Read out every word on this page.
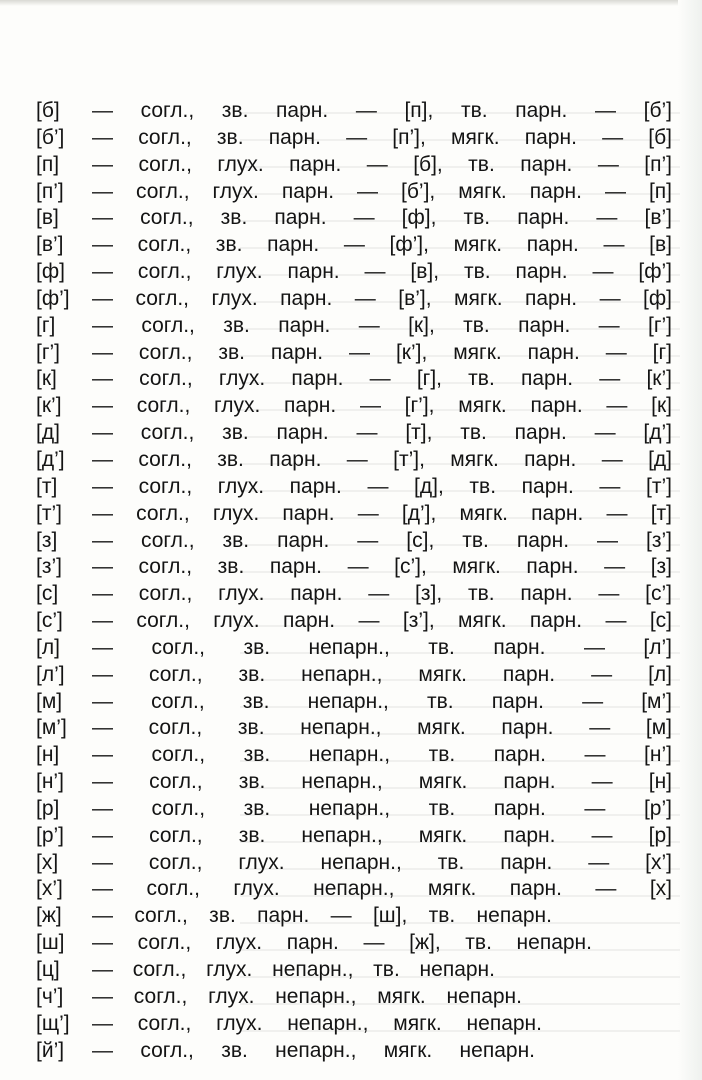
[б] — согл., зв. парн. — [п], тв. парн. — [б’]
[б’] — согл., зв. парн. — [п’], мягк. парн. — [б]
[п] — согл., глух. парн. — [б], тв. парн. — [п’]
[п’] — согл., глух. парн. — [б’], мягк. парн. — [п]
[в] — согл., зв. парн. — [ф], тв. парн. — [в’]
[в’] — согл., зв. парн. — [ф’], мягк. парн. — [в]
[ф] — согл., глух. парн. — [в], тв. парн. — [ф’]
[ф’] — согл., глух. парн. — [в’], мягк. парн. — [ф]
[г] — согл., зв. парн. — [к], тв. парн. — [г’]
[г’] — согл., зв. парн. — [к’], мягк. парн. — [г]
[к] — согл., глух. парн. — [г], тв. парн. — [к’]
[к’] — согл., глух. парн. — [г’], мягк. парн. — [к]
[д] — согл., зв. парн. — [т], тв. парн. — [д’]
[д’] — согл., зв. парн. — [т’], мягк. парн. — [д]
[т] — согл., глух. парн. — [д], тв. парн. — [т’]
[т’] — согл., глух. парн. — [д’], мягк. парн. — [т]
[з] — согл., зв. парн. — [с], тв. парн. — [з’]
[з’] — согл., зв. парн. — [с’], мягк. парн. — [з]
[с] — согл., глух. парн. — [з], тв. парн. — [с’]
[с’] — согл., глух. парн. — [з’], мягк. парн. — [с]
[л] — согл., зв. непарн., тв. парн. — [л’]
[л’] — согл., зв. непарн., мягк. парн. — [л]
[м] — согл., зв. непарн., тв. парн. — [м’]
[м’] — согл., зв. непарн., мягк. парн. — [м]
[н] — согл., зв. непарн., тв. парн. — [н’]
[н’] — согл., зв. непарн., мягк. парн. — [н]
[р] — согл., зв. непарн., тв. парн. — [р’]
[р’] — согл., зв. непарн., мягк. парн. — [р]
[х] — согл., глух. непарн., тв. парн. — [х’]
[х’] — согл., глух. непарн., мягк. парн. — [х]
[ж] — согл., зв. парн. — [ш], тв. непарн.
[ш] — согл., глух. парн. — [ж], тв. непарн.
[ц] — согл., глух. непарн., тв. непарн.
[ч’] — согл., глух. непарн., мягк. непарн.
[щ’] — согл., глух. непарн., мягк. непарн.
[й’] — согл., зв. непарн., мягк. непарн.
